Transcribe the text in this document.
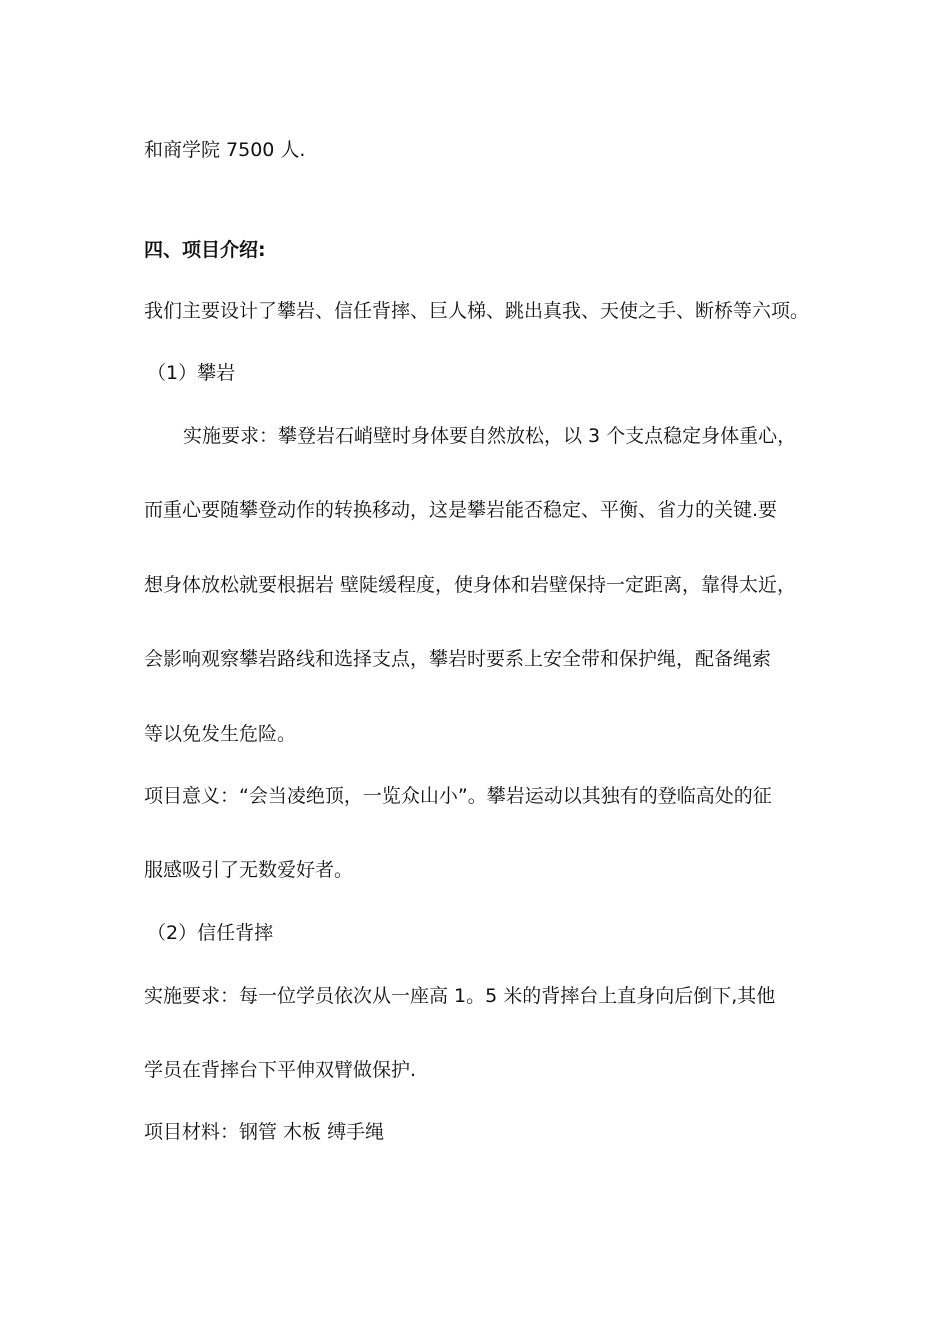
和商学院 7500 人.
四、项目介绍:
我们主要设计了攀岩、信任背摔、巨人梯、跳出真我、天使之手、断桥等六项。
（1）攀岩
实施要求：攀登岩石峭壁时身体要自然放松，以 3 个支点稳定身体重心，
而重心要随攀登动作的转换移动，这是攀岩能否稳定、平衡、省力的关键.要
想身体放松就要根据岩 壁陡缓程度，使身体和岩壁保持一定距离，靠得太近，
会影响观察攀岩路线和选择支点，攀岩时要系上安全带和保护绳，配备绳索
等以免发生危险。
项目意义：“会当凌绝顶，一览众山小”。攀岩运动以其独有的登临高处的征
服感吸引了无数爱好者。
（2）信任背摔
实施要求：每一位学员依次从一座高 1。5 米的背摔台上直身向后倒下,其他
学员在背摔台下平伸双臂做保护.
项目材料：钢管 木板 缚手绳
